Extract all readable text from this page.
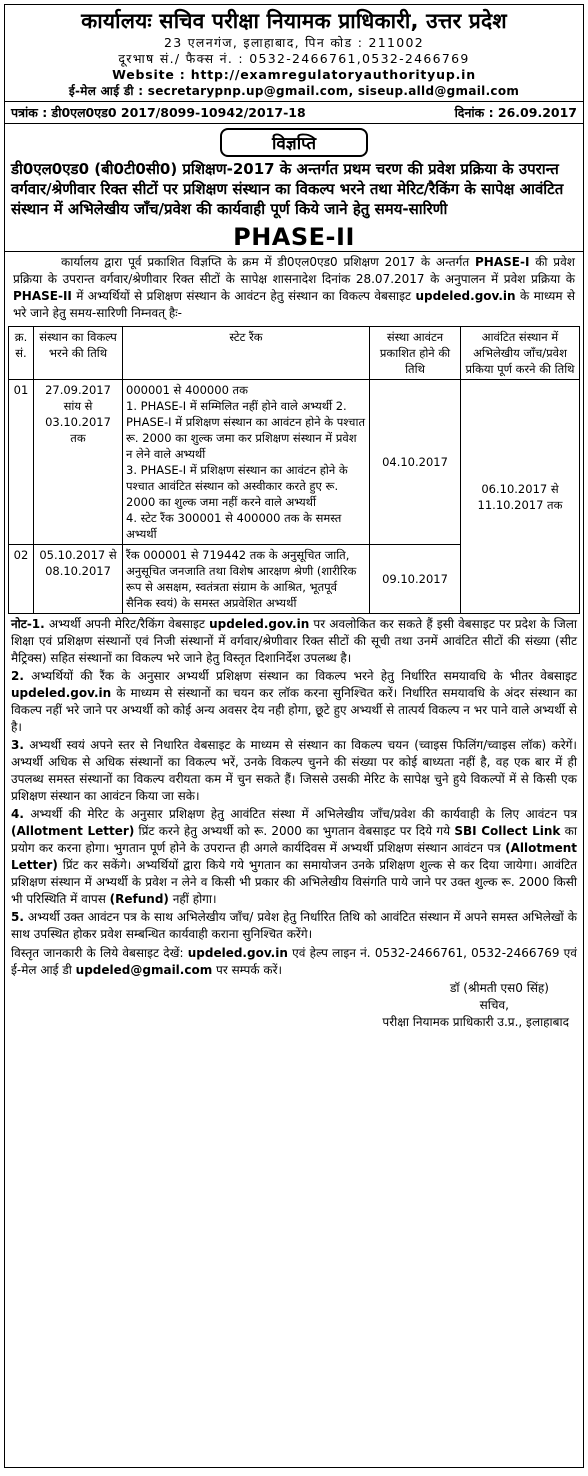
कार्यालयः सचिव परीक्षा नियामक प्राधिकारी, उत्तर प्रदेश
23 एलनगंज, इलाहाबाद, पिन कोड : 211002
दूरभाष सं./ फैक्स नं. : 0532-2466761,0532-2466769
Website : http://examregulatoryauthorityup.in
ई-मेल आई डी : secretarypnp.up@gmail.com, siseup.alld@gmail.com
पत्रांक : डी0एल0एड0 2017/8099-10942/2017-18	दिनांक : 26.09.2017
विज्ञप्ति
डी0एल0एड0 (बी0टी0सी0) प्रशिक्षण-2017 के अन्तर्गत प्रथम चरण की प्रवेश प्रक्रिया के उपरान्त वर्गवार/श्रेणीवार रिक्त सीटों पर प्रशिक्षण संस्थान का विकल्प भरने तथा मेरिट/रैकिंग के सापेक्ष आवंटित संस्थान में अभिलेखीय जाँच/प्रवेश की कार्यवाही पूर्ण किये जाने हेतु समय-सारिणी
PHASE-II
कार्यालय द्वारा पूर्व प्रकाशित विज्ञप्ति के क्रम में डी0एल0एड0 प्रशिक्षण 2017 के अन्तर्गत PHASE-I की प्रवेश प्रक्रिया के उपरान्त वर्गवार/श्रेणीवार रिक्त सीटों के सापेक्ष शासनादेश दिनांक 28.07.2017 के अनुपालन में प्रवेश प्रक्रिया के PHASE-II में अभ्यर्थियों से प्रशिक्षण संस्थान के आवंटन हेतु संस्थान का विकल्प वेबसाइट updeled.gov.in के माध्यम से भरे जाने हेतु समय-सारिणी निम्नवत् हैः-
क्र. सं.	संस्थान का विकल्प भरने की तिथि	स्टेट रैंक	संस्था आवंटन प्रकाशित होने की तिथि	आवंटित संस्थान में अभिलेखीय जाँच/प्रवेश प्रकिया पूर्ण करने की तिथि
01	27.09.2017 सांय से 03.10.2017 तक	000001 से 400000 तक

1. PHASE-I में सम्मिलित नहीं होने वाले अभ्यर्थी 2. PHASE-I में प्रशिक्षण संस्थान का आवंटन होने के पश्चात रू. 2000 का शुल्क जमा कर प्रशिक्षण संस्थान में प्रवेश न लेने वाले अभ्यर्थी

3. PHASE-I में प्रशिक्षण संस्थान का आवंटन होने के पश्चात आवंटित संस्थान को अस्वीकार करते हुए रू. 2000 का शुल्क जमा नहीं करने वाले अभ्यर्थी

4. स्टेट रैंक 300001 से 400000 तक के समस्त अभ्यर्थी	04.10.2017	06.10.2017 से 11.10.2017 तक
02	05.10.2017 से 08.10.2017	रैंक 000001 से 719442 तक के अनुसूचित जाति, अनुसूचित जनजाति तथा विशेष आरक्षण श्रेणी (शारीरिक रूप से असक्षम, स्वतंत्रता संग्राम के आश्रित, भूतपूर्व सैनिक स्वयं) के समस्त अप्रवेशित अभ्यर्थी	09.10.2017	

नोट-1. अभ्यर्थी अपनी मेरिट/रैकिंग वेबसाइट updeled.gov.in पर अवलोकित कर सकते हैं इसी वेबसाइट पर प्रदेश के जिला शिक्षा एवं प्रशिक्षण संस्थानों एवं निजी संस्थानों में वर्गवार/श्रेणीवार रिक्त सीटों की सूची तथा उनमें आवंटित सीटों की संख्या (सीट मैट्रिक्स) सहित संस्थानों का विकल्प भरे जाने हेतु विस्तृत दिशानिर्देश उपलब्ध है।

2. अभ्यर्थियों की रैंक के अनुसार अभ्यर्थी प्रशिक्षण संस्थान का विकल्प भरने हेतु निर्धारित समयावधि के भीतर वेबसाइट updeled.gov.in के माध्यम से संस्थानों का चयन कर लॉक करना सुनिश्चित करें। निर्धारित समयावधि के अंदर संस्थान का विकल्प नहीं भरे जाने पर अभ्यर्थी को कोई अन्य अवसर देय नही होगा, छूटे हुए अभ्यर्थी से तात्पर्य विकल्प न भर पाने वाले अभ्यर्थी से है।

3. अभ्यर्थी स्वयं अपने स्तर से निधारित वेबसाइट के माध्यम से संस्थान का विकल्प चयन (च्वाइस फिलिंग/च्वाइस लॉक) करेगें। अभ्यर्थी अधिक से अधिक संस्थानों का विकल्प भरें, उनके विकल्प चुनने की संख्या पर कोई बाध्यता नहीं है, वह एक बार में ही उपलब्ध समस्त संस्थानों का विकल्प वरीयता कम में चुन सकते हैं। जिससे उसकी मेरिट के सापेक्ष चुने हुये विकल्पों में से किसी एक प्रशिक्षण संस्थान का आवंटन किया जा सके।

4. अभ्यर्थी की मेरिट के अनुसार प्रशिक्षण हेतु आवंटित संस्था में अभिलेखीय जाँच/प्रवेश की कार्यवाही के लिए आवंटन पत्र (Allotment Letter) प्रिंट करने हेतु अभ्यर्थी को रू. 2000 का भुगतान वेबसाइट पर दिये गये SBI Collect Link का प्रयोग कर करना होगा। भुगतान पूर्ण होने के उपरान्त ही अगले कार्यदिवस में अभ्यर्थी प्रशिक्षण संस्थान आवंटन पत्र (Allotment Letter) प्रिंट कर सकेंगे। अभ्यर्थियों द्वारा किये गये भुगतान का समायोजन उनके प्रशिक्षण शुल्क से कर दिया जायेगा। आवंटित प्रशिक्षण संस्थान में अभ्यर्थी के प्रवेश न लेने व किसी भी प्रकार की अभिलेखीय विसंगति पाये जाने पर उक्त शुल्क रू. 2000 किसी भी परिस्थिति में वापस (Refund) नहीं होगा।

5. अभ्यर्थी उक्त आवंटन पत्र के साथ अभिलेखीय जाँच/ प्रवेश हेतु निर्धारित तिथि को आवंटित संस्थान में अपने समस्त अभिलेखों के साथ उपस्थित होकर प्रवेश सम्बन्धित कार्यवाही कराना सुनिश्चित करेंगे।

विस्तृत जानकारी के लिये वेबसाइट देखें: updeled.gov.in एवं हेल्प लाइन नं. 0532-2466761, 0532-2466769 एवं ई-मेल आई डी updeled@gmail.com पर सम्पर्क करें।

डॉ (श्रीमती एस0 सिंह)
सचिव,
परीक्षा नियामक प्राधिकारी उ.प्र., इलाहाबाद
